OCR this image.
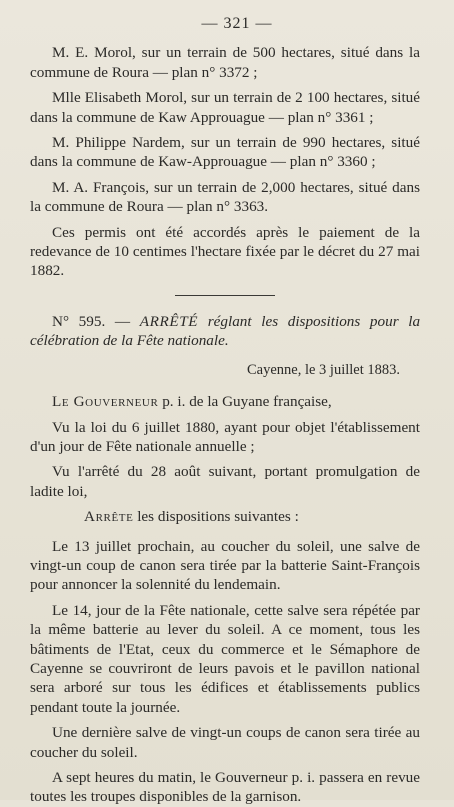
— 321 —

M. E. Morol, sur un terrain de 500 hectares, situé dans la commune de Roura — plan n° 3372 ;

Mlle Elisabeth Morol, sur un terrain de 2 100 hectares, situé dans la commune de Kaw Approuague — plan n° 3361 ;

M. Philippe Nardem, sur un terrain de 990 hectares, situé dans la commune de Kaw-Approuague — plan n° 3360 ;

M. A. François, sur un terrain de 2,000 hectares, situé dans la commune de Roura — plan n° 3363.

Ces permis ont été accordés après le paiement de la redevance de 10 centimes l'hectare fixée par le décret du 27 mai 1882.

N° 595. — ARRÊTÉ réglant les dispositions pour la célébration de la Fête nationale.

Cayenne, le 3 juillet 1883.

Le Gouverneur p. i. de la Guyane française,

Vu la loi du 6 juillet 1880, ayant pour objet l'établissement d'un jour de Fête nationale annuelle ;

Vu l'arrêté du 28 août suivant, portant promulgation de ladite loi,

Arrête les dispositions suivantes :

Le 13 juillet prochain, au coucher du soleil, une salve de vingt-un coup de canon sera tirée par la batterie Saint-François pour annoncer la solennité du lendemain.

Le 14, jour de la Fête nationale, cette salve sera répétée par la même batterie au lever du soleil. A ce moment, tous les bâtiments de l'Etat, ceux du commerce et le Sémaphore de Cayenne se couvriront de leurs pavois et le pavillon national sera arboré sur tous les édifices et établissements publics pendant toute la journée.

Une dernière salve de vingt-un coups de canon sera tirée au coucher du soleil.

A sept heures du matin, le Gouverneur p. i. passera en revue toutes les troupes disponibles de la garnison.
